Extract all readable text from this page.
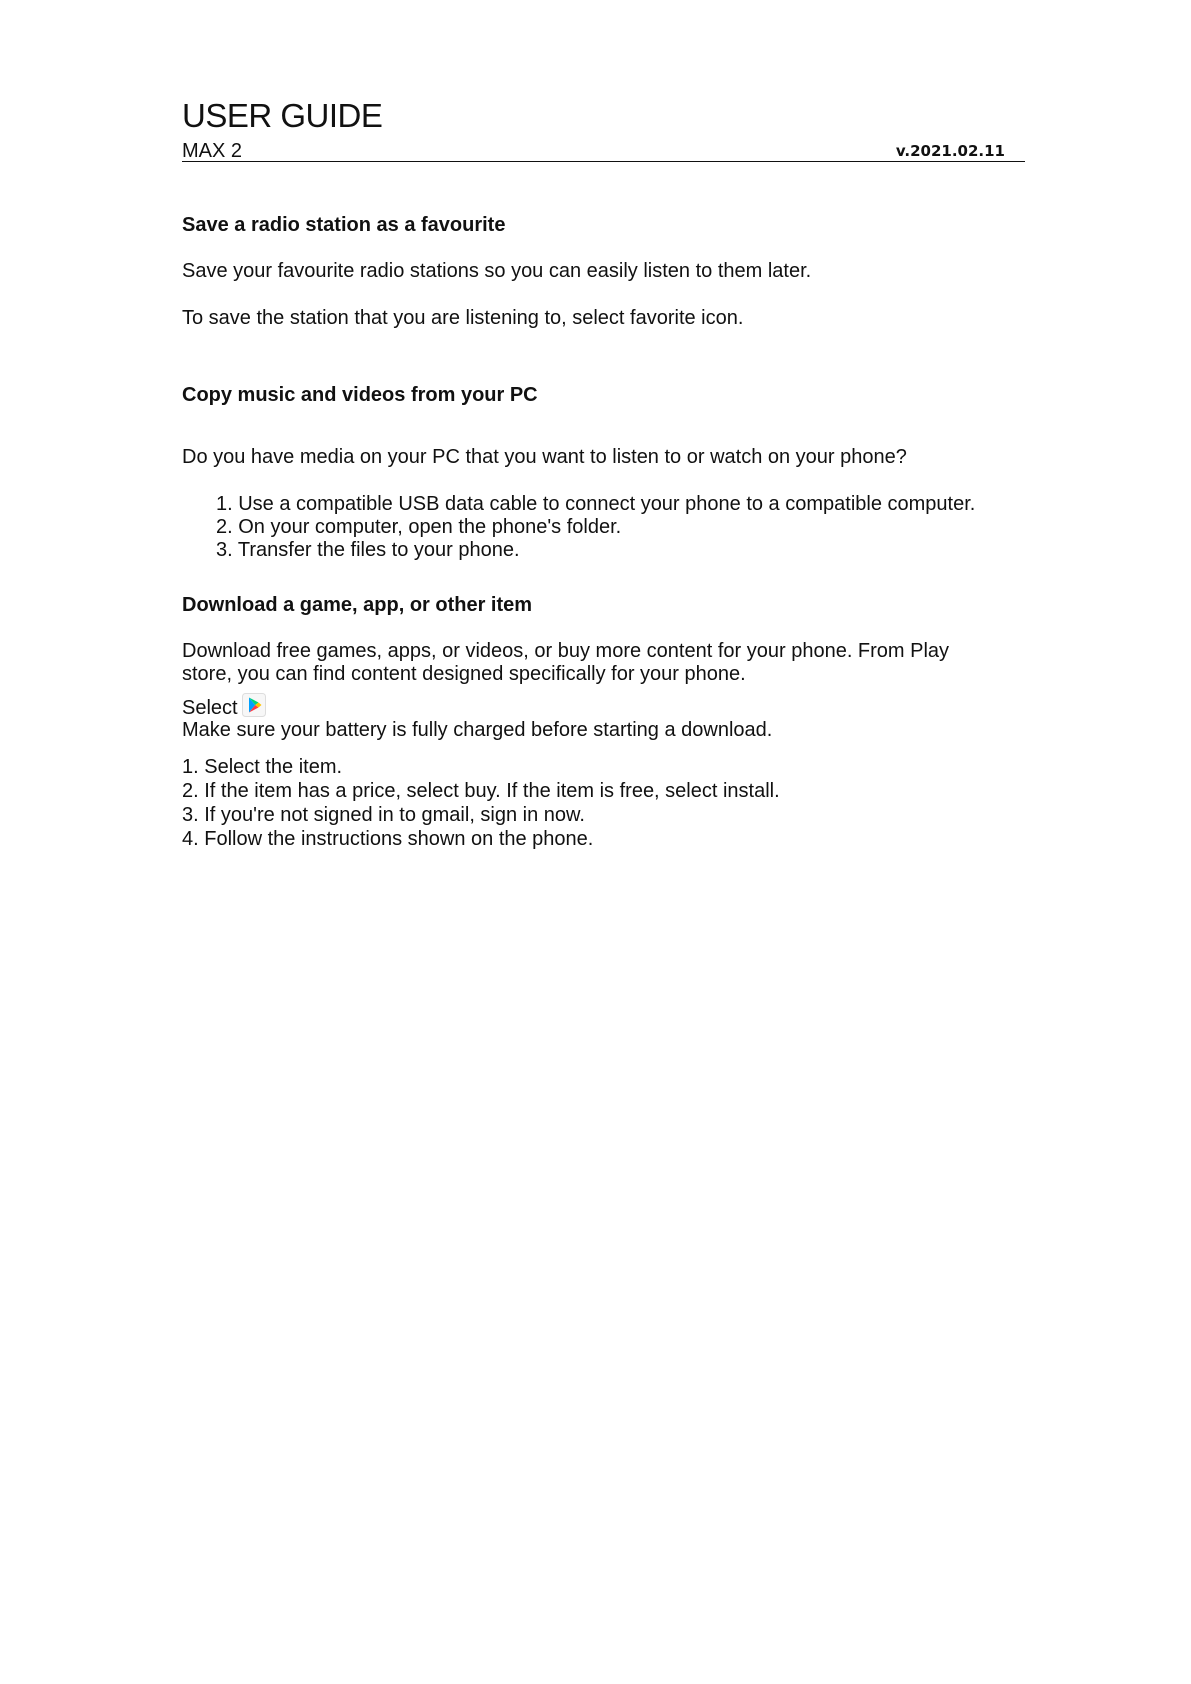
USER GUIDE
MAX 2	v.2021.02.11
Save a radio station as a favourite
Save your favourite radio stations so you can easily listen to them later.
To save the station that you are listening to, select favorite icon.
Copy music and videos from your PC
Do you have media on your PC that you want to listen to or watch on your phone?
1. Use a compatible USB data cable to connect your phone to a compatible computer.
2. On your computer, open the phone's folder.
3. Transfer the files to your phone.
Download a game, app, or other item
Download free games, apps, or videos, or buy more content for your phone. From Play
store, you can find content designed specifically for your phone.
Select
Make sure your battery is fully charged before starting a download.
1. Select the item.
2. If the item has a price, select buy. If the item is free, select install.
3. If you're not signed in to gmail, sign in now.
4. Follow the instructions shown on the phone.
